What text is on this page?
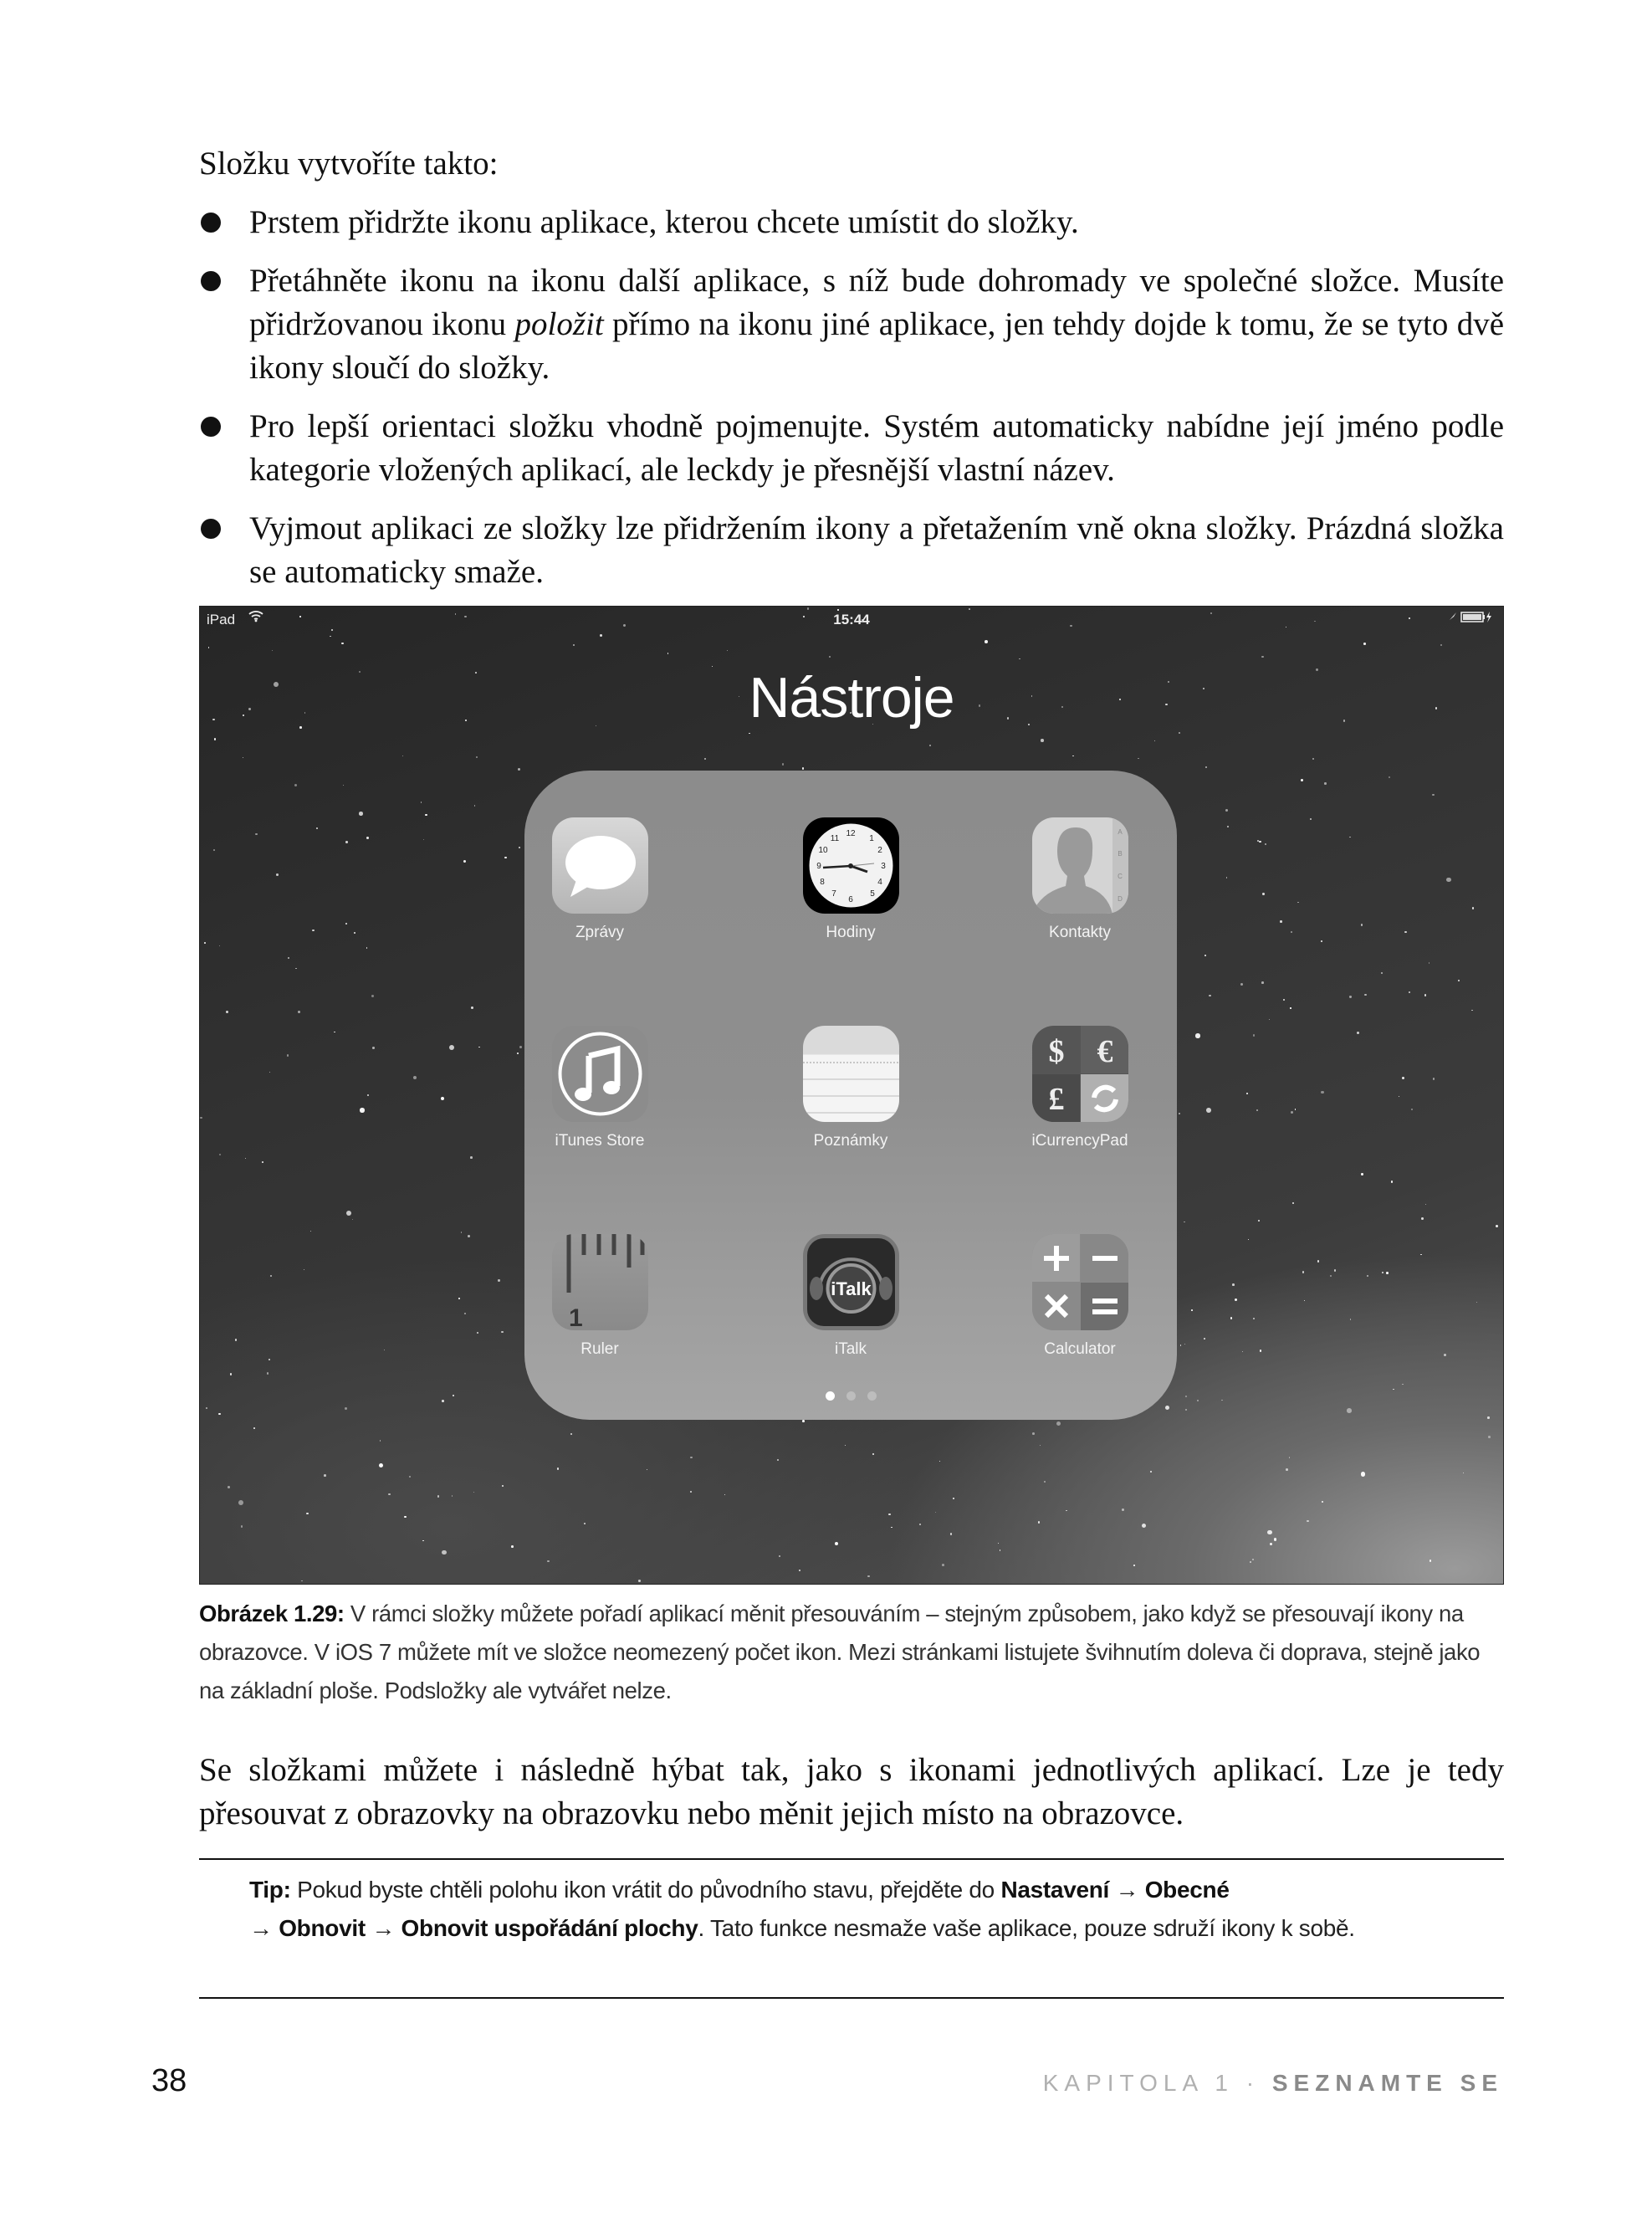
Složku vytvoříte takto:
Prstem přidržte ikonu aplikace, kterou chcete umístit do složky.
Přetáhněte ikonu na ikonu další aplikace, s níž bude dohromady ve společné složce. Musíte přidržovanou ikonu položit přímo na ikonu jiné aplikace, jen tehdy dojde k tomu, že se tyto dvě ikony sloučí do složky.
Pro lepší orientaci složku vhodně pojmenujte. Systém automaticky nabídne její jméno podle kategorie vložených aplikací, ale leckdy je přesnější vlastní název.
Vyjmout aplikaci ze složky lze přidržením ikony a přetažením vně okna složky. Prázdná složka se automaticky smaže.
iPad	15:44
Nástroje
Zprávy
12
1
2
3
4
5
6
7
8
9
10
11
Hodiny
A
B
C
D
Kontakty
iTunes Store	Poznámky
$ €
£
iCurrencyPad
1
Ruler
iTalk
iTalk	Calculator
Obrázek 1.29: V rámci složky můžete pořadí aplikací měnit přesouváním – stejným způsobem, jako když se přesouvají ikony na obrazovce. V iOS 7 můžete mít ve složce neomezený počet ikon. Mezi stránkami listujete švihnutím doleva či doprava, stejně jako na základní ploše. Podsložky ale vytvářet nelze.
Se složkami můžete i následně hýbat tak, jako s ikonami jednotlivých aplikací. Lze je tedy přesouvat z obrazovky na obrazovku nebo měnit jejich místo na obrazovce.
Tip: Pokud byste chtěli polohu ikon vrátit do původního stavu, přejděte do Nastavení → Obecné
→ Obnovit → Obnovit uspořádání plochy. Tato funkce nesmaže vaše aplikace, pouze sdruží ikony k sobě.
38	KAPITOLA 1 · SEZNAMTE SE
